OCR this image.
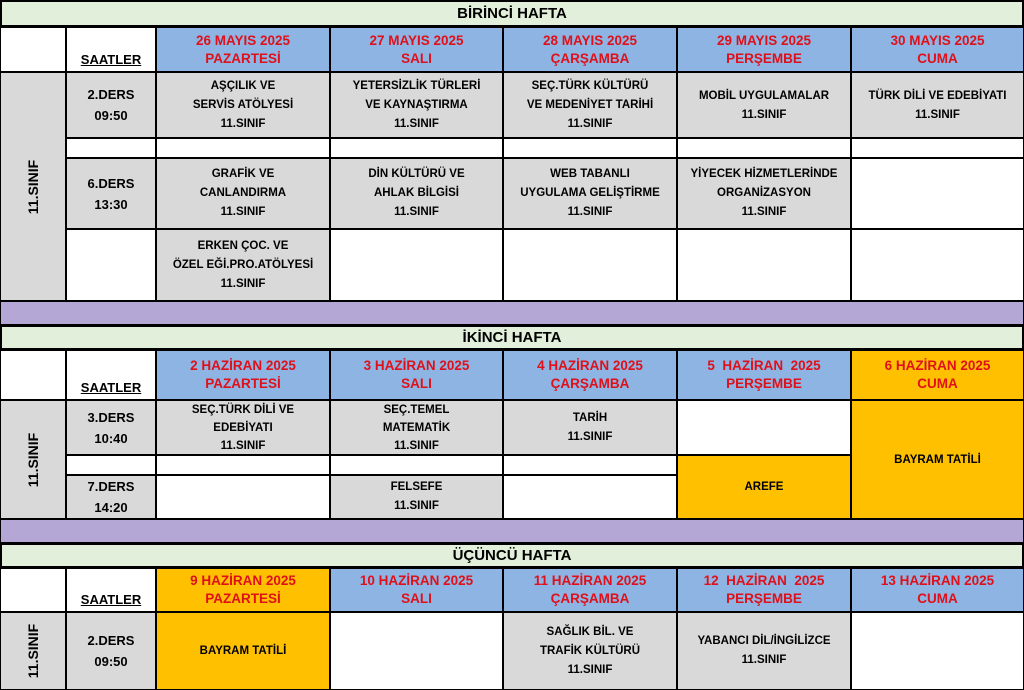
BİRİNCİ HAFTA
SAATLER
26 MAYIS 2025
PAZARTESİ
27 MAYIS 2025
SALI
28 MAYIS 2025
ÇARŞAMBA
29 MAYIS 2025
PERŞEMBE
30 MAYIS 2025
CUMA
11.SINIF
2.DERS
09:50
AŞÇILIK VE
SERVİS ATÖLYESİ
11.SINIF
YETERSİZLİK TÜRLERİ
VE KAYNAŞTIRMA
11.SINIF
SEÇ.TÜRK KÜLTÜRÜ
VE MEDENİYET TARİHİ
11.SINIF
MOBİL UYGULAMALAR
11.SINIF
TÜRK DİLİ VE EDEBİYATI
11.SINIF
6.DERS
13:30
GRAFİK VE
CANLANDIRMA
11.SINIF
DİN KÜLTÜRÜ VE
AHLAK BİLGİSİ
11.SINIF
WEB TABANLI
UYGULAMA GELİŞTİRME
11.SINIF
YİYECEK HİZMETLERİNDE
ORGANİZASYON
11.SINIF
ERKEN ÇOC. VE
ÖZEL EĞİ.PRO.ATÖLYESİ
11.SINIF
İKİNCİ HAFTA
SAATLER
2 HAZİRAN 2025
PAZARTESİ
3 HAZİRAN 2025
SALI
4 HAZİRAN 2025
ÇARŞAMBA
5  HAZİRAN  2025
PERŞEMBE
6 HAZİRAN 2025
CUMA
11.SINIF
3.DERS
10:40
SEÇ.TÜRK DİLİ VE
EDEBİYATI
11.SINIF
SEÇ.TEMEL
MATEMATİK
11.SINIF
TARİH
11.SINIF
BAYRAM TATİLİ
AREFE
7.DERS
14:20
FELSEFE
11.SINIF
ÜÇÜNCÜ HAFTA
SAATLER
9 HAZİRAN 2025
PAZARTESİ
10 HAZİRAN 2025
SALI
11 HAZİRAN 2025
ÇARŞAMBA
12  HAZİRAN  2025
PERŞEMBE
13 HAZİRAN 2025
CUMA
11.SINIF	2.DERS
09:50
BAYRAM TATİLİ
SAĞLIK BİL. VE
TRAFİK KÜLTÜRÜ
11.SINIF
YABANCI DİL/İNGİLİZCE
11.SINIF
